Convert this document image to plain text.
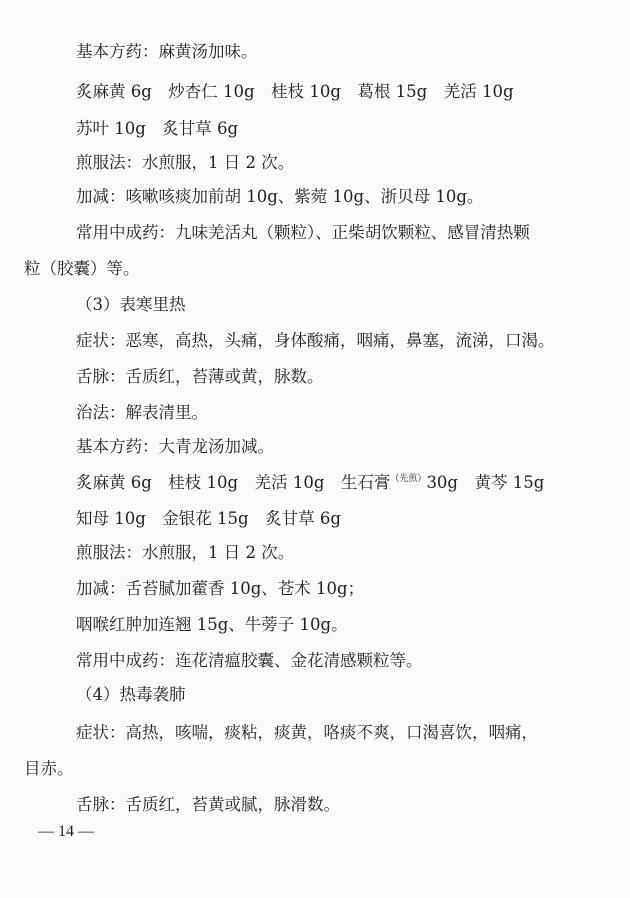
基本方药：麻黄汤加味。
炙麻黄 6g　炒杏仁 10g　桂枝 10g　葛根 15g　羌活 10g
苏叶 10g　炙甘草 6g
煎服法：水煎服，1 日 2 次。
加减：咳嗽咳痰加前胡 10g、紫菀 10g、浙贝母 10g。
常用中成药：九味羌活丸（颗粒）、正柴胡饮颗粒、感冒清热颗
粒（胶囊）等。
（3）表寒里热
症状：恶寒，高热，头痛，身体酸痛，咽痛，鼻塞，流涕，口渴。
舌脉：舌质红，苔薄或黄，脉数。
治法：解表清里。
基本方药：大青龙汤加减。
炙麻黄 6g　桂枝 10g　羌活 10g　生石膏$^{(先煎)}$30g　黄芩 15g
知母 10g　金银花 15g　炙甘草 6g
煎服法：水煎服，1 日 2 次。
加减：舌苔腻加藿香 10g、苍术 10g；
咽喉红肿加连翘 15g、牛蒡子 10g。
常用中成药：连花清瘟胶囊、金花清感颗粒等。
（4）热毒袭肺
症状：高热，咳喘，痰粘，痰黄，咯痰不爽，口渴喜饮，咽痛，
目赤。
舌脉：舌质红，苔黄或腻，脉滑数。
— 14 —
